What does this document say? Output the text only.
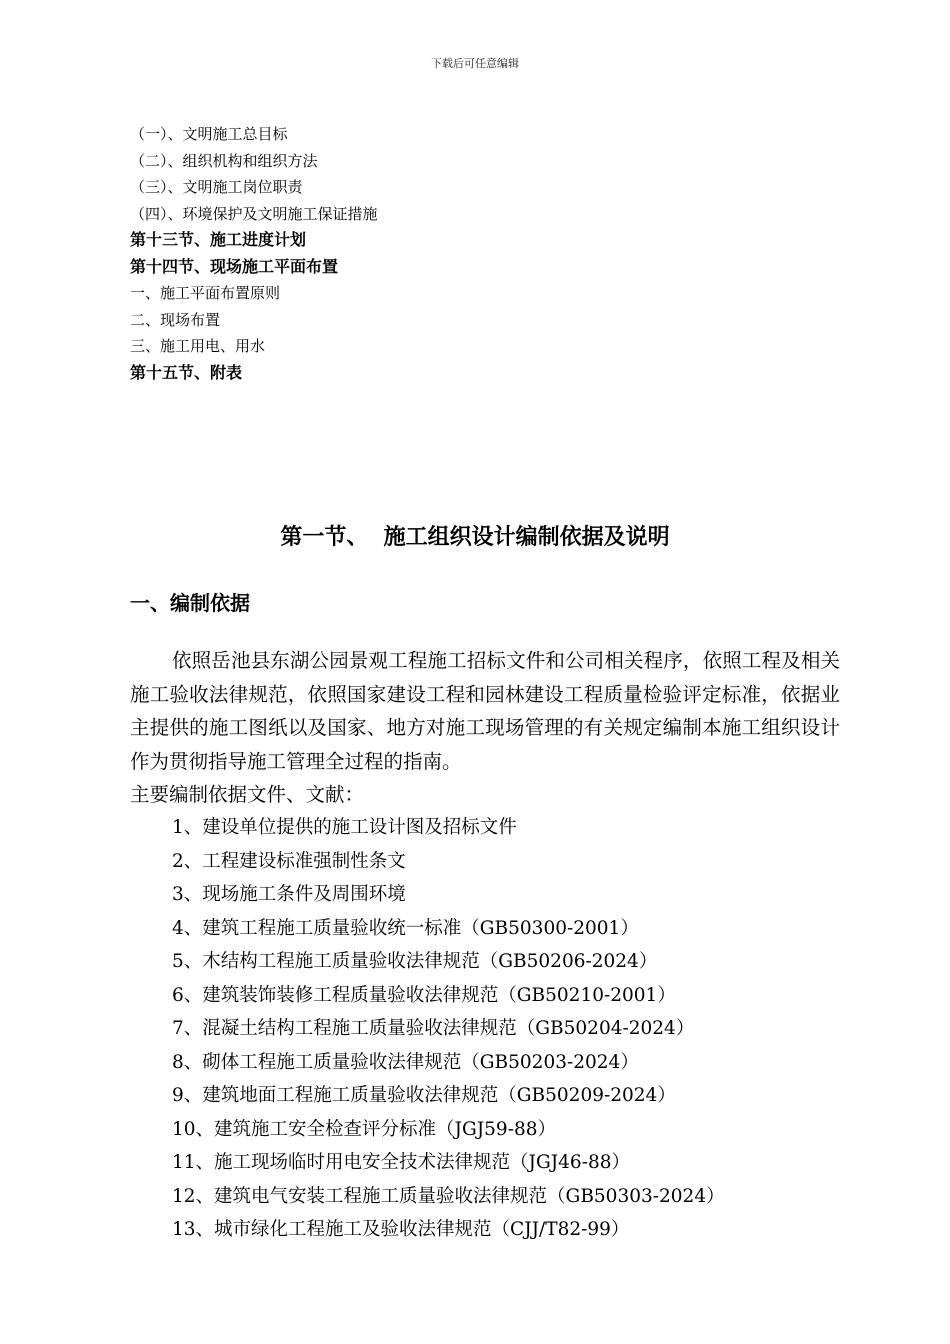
下载后可任意编辑
（一）、文明施工总目标
（二）、组织机构和组织方法
（三）、文明施工岗位职责
（四）、环境保护及文明施工保证措施
第十三节、施工进度计划
第十四节、现场施工平面布置
一、施工平面布置原则
二、现场布置
三、施工用电、用水
第十五节、附表
第一节、  施工组织设计编制依据及说明
一、编制依据

依照岳池县东湖公园景观工程施工招标文件和公司相关程序，依照工程及相关施工验收法律规范，依照国家建设工程和园林建设工程质量检验评定标准，依据业主提供的施工图纸以及国家、地方对施工现场管理的有关规定编制本施工组织设计作为贯彻指导施工管理全过程的指南。

主要编制依据文件、文献：

1、建设单位提供的施工设计图及招标文件
2、工程建设标准强制性条文
3、现场施工条件及周围环境
4、建筑工程施工质量验收统一标准（GB50300-2001）
5、木结构工程施工质量验收法律规范（GB50206-2024）
6、建筑装饰装修工程质量验收法律规范（GB50210-2001）
7、混凝土结构工程施工质量验收法律规范（GB50204-2024）
8、砌体工程施工质量验收法律规范（GB50203-2024）
9、建筑地面工程施工质量验收法律规范（GB50209-2024）
10、建筑施工安全检查评分标准（JGJ59-88）
11、施工现场临时用电安全技术法律规范（JGJ46-88）
12、建筑电气安装工程施工质量验收法律规范（GB50303-2024）
13、城市绿化工程施工及验收法律规范（CJJ/T82-99）
